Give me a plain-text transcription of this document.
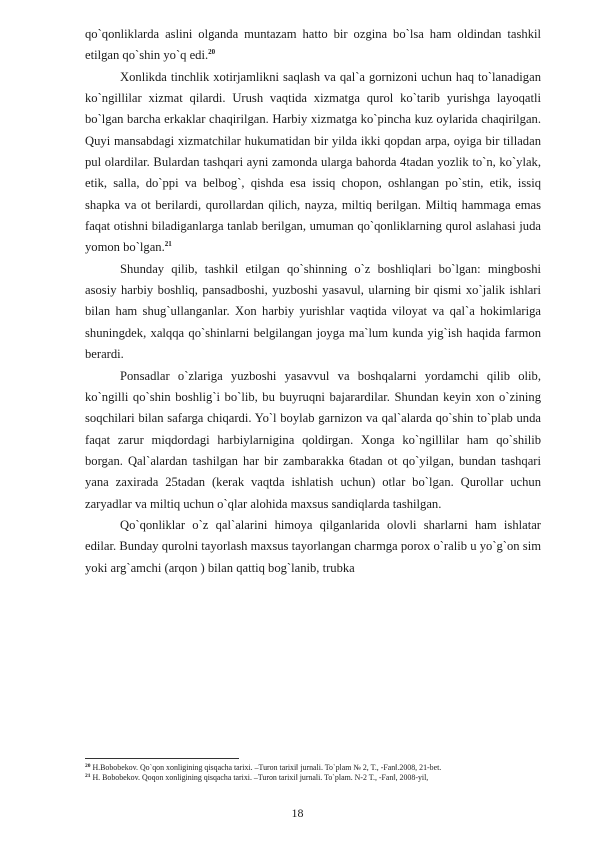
qo`qonliklarda aslini olganda muntazam hatto bir ozgina bo`lsa ham oldindan tashkil etilgan qo`shin yo`q edi.$^{20}$

Xonlikda tinchlik xotirjamlikni saqlash va qal`a gornizoni uchun haq to`lanadigan ko`ngillilar xizmat qilardi. Urush vaqtida xizmatga qurol ko`tarib yurishga layoqatli bo`lgan barcha erkaklar chaqirilgan. Harbiy xizmatga ko`pincha kuz oylarida chaqirilgan. Quyi mansabdagi xizmatchilar hukumatidan bir yilda ikki qopdan arpa, oyiga bir tilladan pul olardilar. Bulardan tashqari ayni zamonda ularga bahorda 4tadan yozlik to`n, ko`ylak, etik, salla, do`ppi va belbog`, qishda esa issiq chopon, oshlangan po`stin, etik, issiq shapka va ot berilardi, qurollardan qilich, nayza, miltiq berilgan. Miltiq hammaga emas faqat otishni biladiganlarga tanlab berilgan, umuman qo`qonliklarning qurol aslahasi juda yomon bo`lgan.$^{21}$

Shunday qilib, tashkil etilgan qo`shinning o`z boshliqlari bo`lgan: mingboshi asosiy harbiy boshliq, pansadboshi, yuzboshi yasavul, ularning bir qismi xo`jalik ishlari bilan ham shug`ullanganlar. Xon harbiy yurishlar vaqtida viloyat va qal`a hokimlariga shuningdek, xalqqa qo`shinlarni belgilangan joyga ma`lum kunda yig`ish haqida farmon berardi.

Ponsadlar o`zlariga yuzboshi yasavvul va boshqalarni yordamchi qilib olib, ko`ngilli qo`shin boshlig`i bo`lib, bu buyruqni bajarardilar. Shundan keyin xon o`zining soqchilari bilan safarga chiqardi. Yo`l boylab garnizon va qal`alarda qo`shin to`plab unda faqat zarur miqdordagi harbiylarnigina qoldirgan. Xonga ko`ngillilar ham qo`shilib borgan. Qal`alardan tashilgan har bir zambarakka 6tadan ot qo`yilgan, bundan tashqari yana zaxirada 25tadan (kerak vaqtda ishlatish uchun) otlar bo`lgan. Qurollar uchun zaryadlar va miltiq uchun o`qlar alohida maxsus sandiqlarda tashilgan.

Qo`qonliklar o`z qal`alarini himoya qilganlarida olovli sharlarni ham ishlatar edilar. Bunday qurolni tayorlash maxsus tayorlangan charmga porox o`ralib u yo`g`on sim yoki arg`amchi (arqon ) bilan qattiq bog`lanib, trubka

$^{20}$ H.Bobobekov. Qo`qon xonligining qisqacha tarixi. –Turon tarixi‖ jurnali. To`plam № 2, T., -Fan‖.2008, 21-bet.

$^{21}$ H. Bobobekov. Qoqon xonligining qisqacha tarixi. –Turon tarixi‖ jurnali. To`plam. N-2 T., -Fan‖, 2008-yil,

18
